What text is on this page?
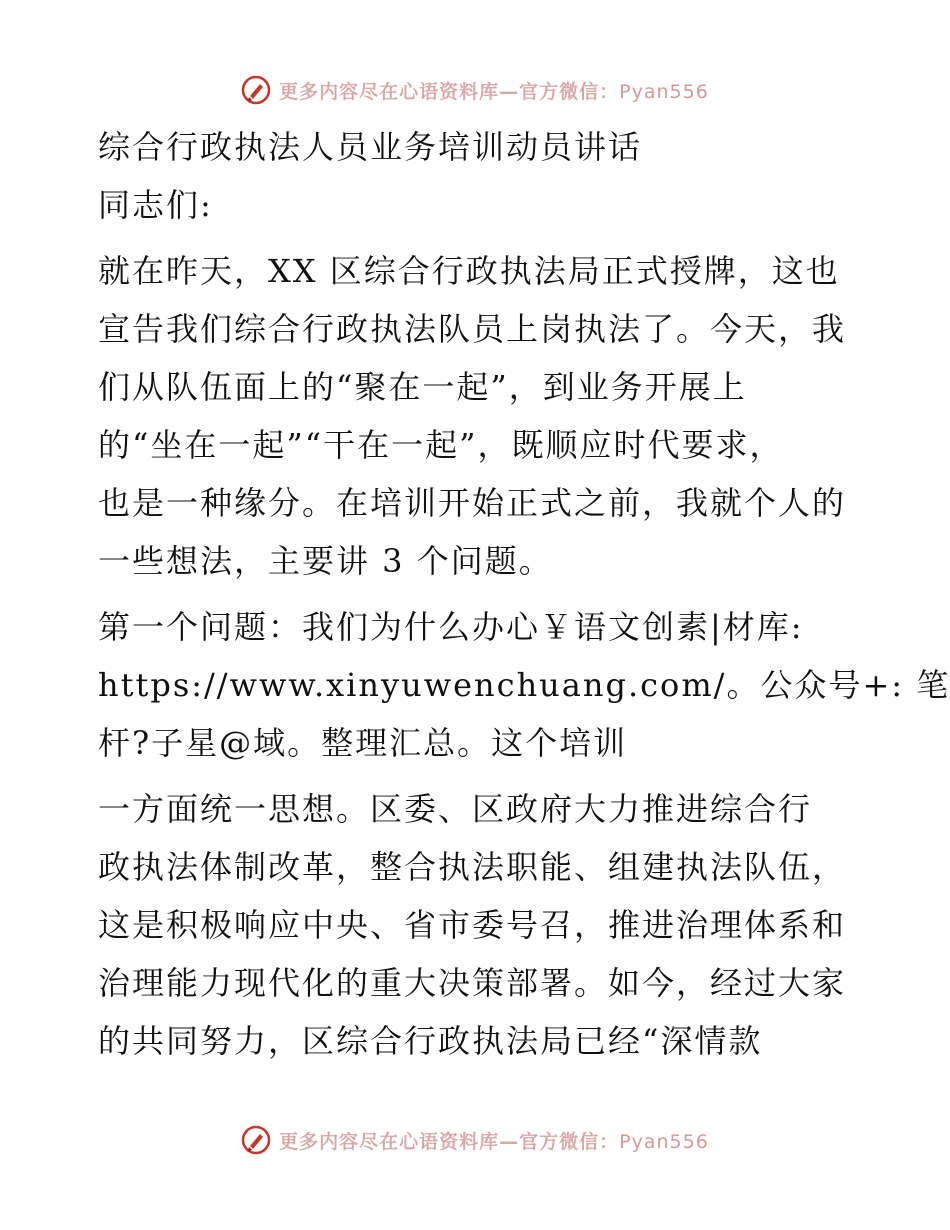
更多内容尽在心语资料库—官方微信：Pyan556
综合行政执法人员业务培训动员讲话
同志们:
就在昨天，XX 区综合行政执法局正式授牌，这也
宣告我们综合行政执法队员上岗执法了。今天，我
们从队伍面上的“聚在一起”，到业务开展上
的“坐在一起”“干在一起”，既顺应时代要求，
也是一种缘分。在培训开始正式之前，我就个人的
一些想法，主要讲 3 个问题。
第一个问题：我们为什么办心￥语文创素|材库:
https://www.xinyuwenchuang.com/。公众号+: 笔
杆?子星@域。整理汇总。这个培训
一方面统一思想。区委、区政府大力推进综合行
政执法体制改革，整合执法职能、组建执法队伍，
这是积极响应中央、省市委号召，推进治理体系和
治理能力现代化的重大决策部署。如今，经过大家
的共同努力，区综合行政执法局已经“深情款
更多内容尽在心语资料库—官方微信：Pyan556
